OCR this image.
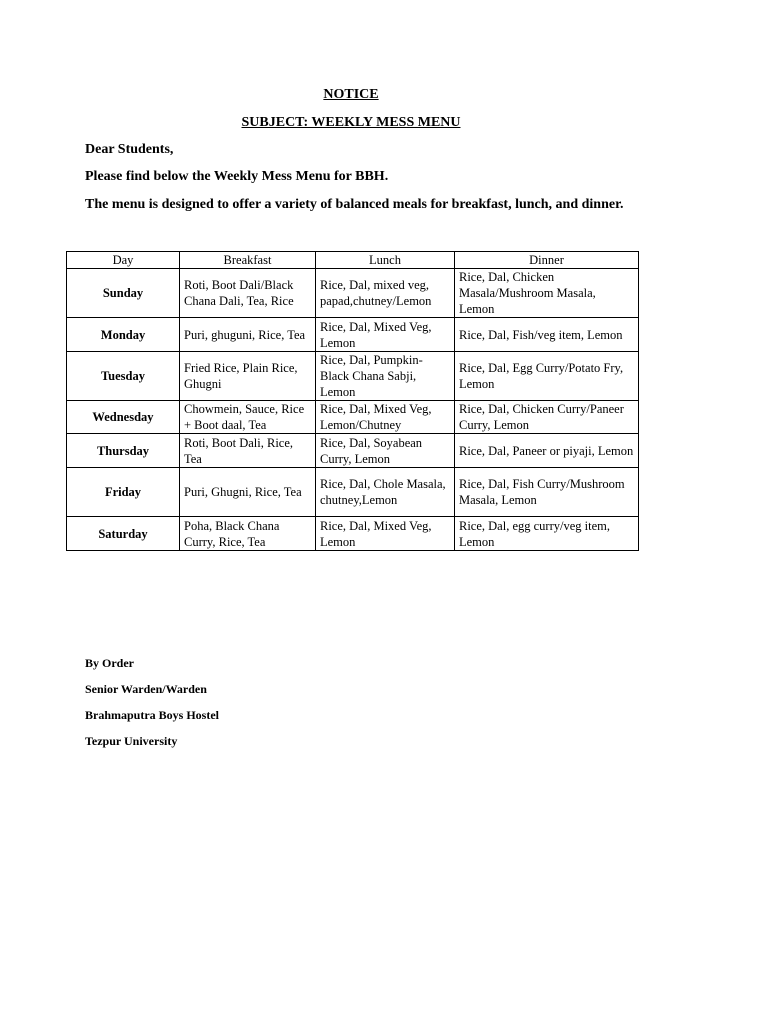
NOTICE
SUBJECT: WEEKLY MESS MENU
Dear Students,
Please find below the Weekly Mess Menu for BBH.
The menu is designed to offer a variety of balanced meals for breakfast, lunch, and dinner.
Day	Breakfast	Lunch	Dinner
Sunday	Roti, Boot Dali/Black Chana Dali, Tea, Rice	Rice, Dal, mixed veg, papad,chutney/Lemon	Rice, Dal, Chicken Masala/Mushroom Masala, Lemon
Monday	Puri, ghuguni, Rice, Tea	Rice, Dal, Mixed Veg, Lemon	Rice, Dal, Fish/veg item, Lemon
Tuesday	Fried Rice, Plain Rice, Ghugni	Rice, Dal, Pumpkin-Black Chana Sabji, Lemon	Rice, Dal, Egg Curry/Potato Fry, Lemon
Wednesday	Chowmein, Sauce, Rice + Boot daal, Tea	Rice, Dal, Mixed Veg, Lemon/Chutney	Rice, Dal, Chicken Curry/Paneer Curry, Lemon
Thursday	Roti, Boot Dali, Rice, Tea	Rice, Dal, Soyabean Curry, Lemon	Rice, Dal, Paneer or piyaji, Lemon
Friday	Puri, Ghugni, Rice, Tea	Rice, Dal, Chole Masala, chutney,Lemon	Rice, Dal, Fish Curry/Mushroom Masala, Lemon
Saturday	Poha, Black Chana Curry, Rice, Tea	Rice, Dal, Mixed Veg, Lemon	Rice, Dal, egg curry/veg item, Lemon
By Order
Senior Warden/Warden
Brahmaputra Boys Hostel
Tezpur University
